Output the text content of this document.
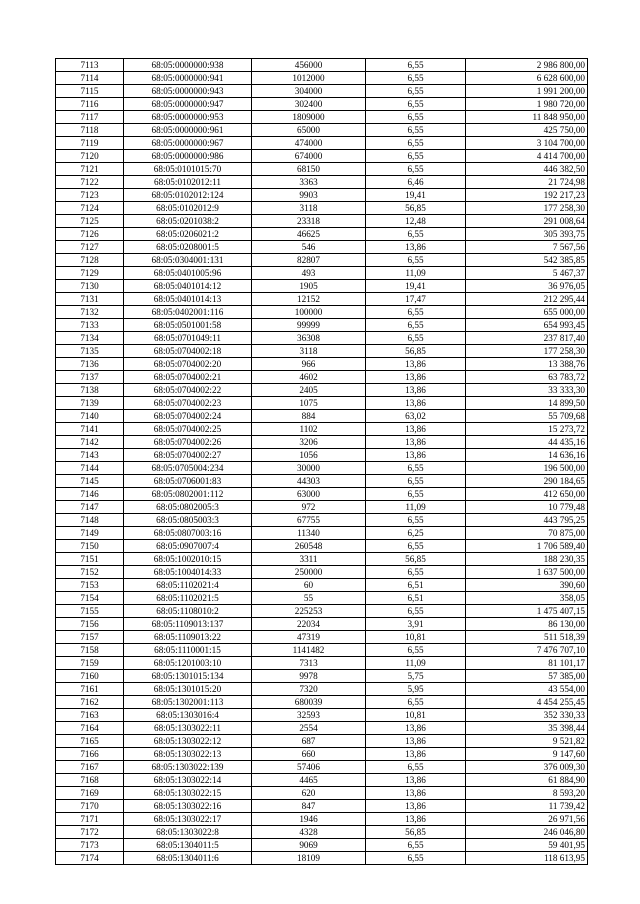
7113	68:05:0000000:938	456000	6,55	2 986 800,00
7114	68:05:0000000:941	1012000	6,55	6 628 600,00
7115	68:05:0000000:943	304000	6,55	1 991 200,00
7116	68:05:0000000:947	302400	6,55	1 980 720,00
7117	68:05:0000000:953	1809000	6,55	11 848 950,00
7118	68:05:0000000:961	65000	6,55	425 750,00
7119	68:05:0000000:967	474000	6,55	3 104 700,00
7120	68:05:0000000:986	674000	6,55	4 414 700,00
7121	68:05:0101015:70	68150	6,55	446 382,50
7122	68:05:0102012:11	3363	6,46	21 724,98
7123	68:05:0102012:124	9903	19,41	192 217,23
7124	68:05:0102012:9	3118	56,85	177 258,30
7125	68:05:0201038:2	23318	12,48	291 008,64
7126	68:05:0206021:2	46625	6,55	305 393,75
7127	68:05:0208001:5	546	13,86	7 567,56
7128	68:05:0304001:131	82807	6,55	542 385,85
7129	68:05:0401005:96	493	11,09	5 467,37
7130	68:05:0401014:12	1905	19,41	36 976,05
7131	68:05:0401014:13	12152	17,47	212 295,44
7132	68:05:0402001:116	100000	6,55	655 000,00
7133	68:05:0501001:58	99999	6,55	654 993,45
7134	68:05:0701049:11	36308	6,55	237 817,40
7135	68:05:0704002:18	3118	56,85	177 258,30
7136	68:05:0704002:20	966	13,86	13 388,76
7137	68:05:0704002:21	4602	13,86	63 783,72
7138	68:05:0704002:22	2405	13,86	33 333,30
7139	68:05:0704002:23	1075	13,86	14 899,50
7140	68:05:0704002:24	884	63,02	55 709,68
7141	68:05:0704002:25	1102	13,86	15 273,72
7142	68:05:0704002:26	3206	13,86	44 435,16
7143	68:05:0704002:27	1056	13,86	14 636,16
7144	68:05:0705004:234	30000	6,55	196 500,00
7145	68:05:0706001:83	44303	6,55	290 184,65
7146	68:05:0802001:112	63000	6,55	412 650,00
7147	68:05:0802005:3	972	11,09	10 779,48
7148	68:05:0805003:3	67755	6,55	443 795,25
7149	68:05:0807003:16	11340	6,25	70 875,00
7150	68:05:0907007:4	260548	6,55	1 706 589,40
7151	68:05:1002010:15	3311	56,85	188 230,35
7152	68:05:1004014:33	250000	6,55	1 637 500,00
7153	68:05:1102021:4	60	6,51	390,60
7154	68:05:1102021:5	55	6,51	358,05
7155	68:05:1108010:2	225253	6,55	1 475 407,15
7156	68:05:1109013:137	22034	3,91	86 130,00
7157	68:05:1109013:22	47319	10,81	511 518,39
7158	68:05:1110001:15	1141482	6,55	7 476 707,10
7159	68:05:1201003:10	7313	11,09	81 101,17
7160	68:05:1301015:134	9978	5,75	57 385,00
7161	68:05:1301015:20	7320	5,95	43 554,00
7162	68:05:1302001:113	680039	6,55	4 454 255,45
7163	68:05:1303016:4	32593	10,81	352 330,33
7164	68:05:1303022:11	2554	13,86	35 398,44
7165	68:05:1303022:12	687	13,86	9 521,82
7166	68:05:1303022:13	660	13,86	9 147,60
7167	68:05:1303022:139	57406	6,55	376 009,30
7168	68:05:1303022:14	4465	13,86	61 884,90
7169	68:05:1303022:15	620	13,86	8 593,20
7170	68:05:1303022:16	847	13,86	11 739,42
7171	68:05:1303022:17	1946	13,86	26 971,56
7172	68:05:1303022:8	4328	56,85	246 046,80
7173	68:05:1304011:5	9069	6,55	59 401,95
7174	68:05:1304011:6	18109	6,55	118 613,95
